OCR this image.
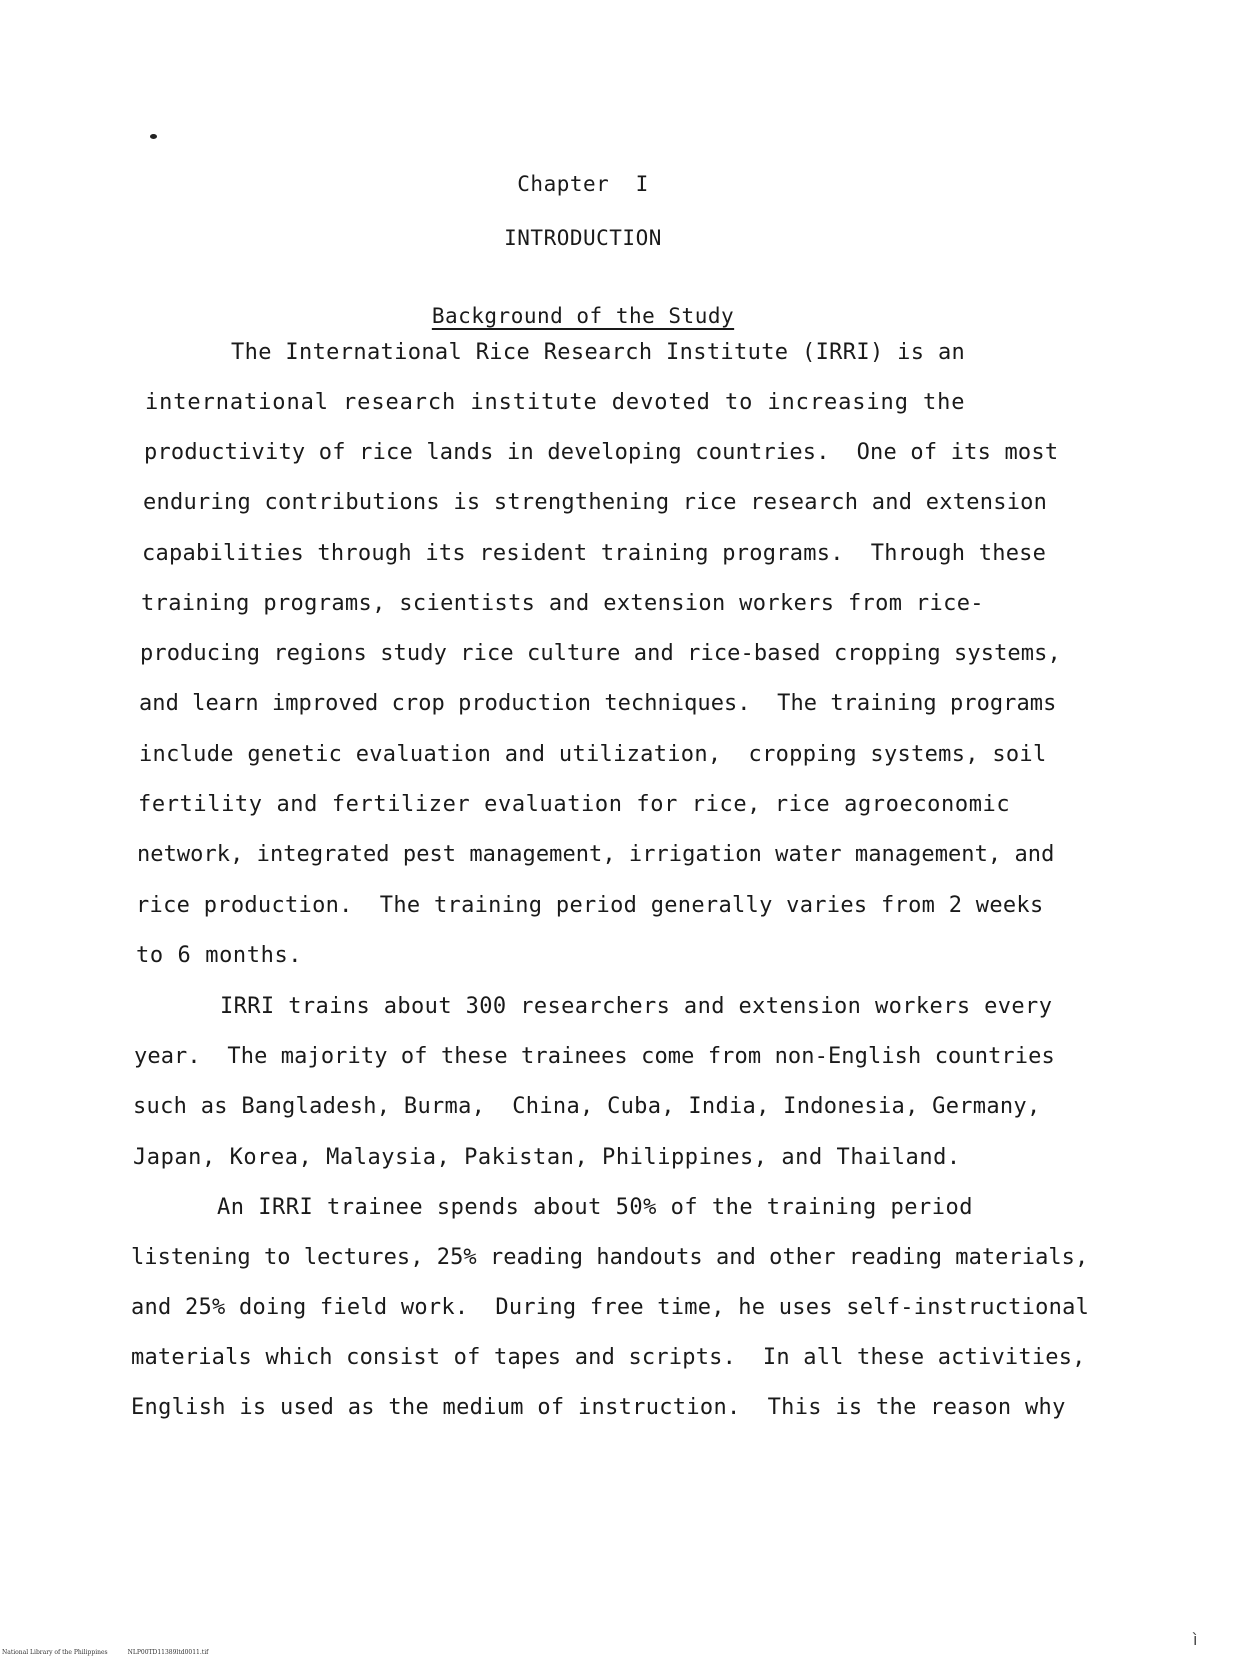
Chapter  I
INTRODUCTION
Background of the Study
The International Rice Research Institute (IRRI) is an
international research institute devoted to increasing the
productivity of rice lands in developing countries.  One of its most
enduring contributions is strengthening rice research and extension
capabilities through its resident training programs.  Through these
training programs, scientists and extension workers from rice-
producing regions study rice culture and rice-based cropping systems,
and learn improved crop production techniques.  The training programs
include genetic evaluation and utilization,  cropping systems, soil
fertility and fertilizer evaluation for rice, rice agroeconomic
network, integrated pest management, irrigation water management, and
rice production.  The training period generally varies from 2 weeks
to 6 months.
IRRI trains about 300 researchers and extension workers every
year.  The majority of these trainees come from non-English countries
such as Bangladesh, Burma,  China, Cuba, India, Indonesia, Germany,
Japan, Korea, Malaysia, Pakistan, Philippines, and Thailand.
An IRRI trainee spends about 50% of the training period
listening to lectures, 25% reading handouts and other reading materials,
and 25% doing field work.  During free time, he uses self-instructional
materials which consist of tapes and scripts.  In all these activities,
English is used as the medium of instruction.  This is the reason why
National Library of the Philippines	NLP00TD11389ltd0011.tif
ì
